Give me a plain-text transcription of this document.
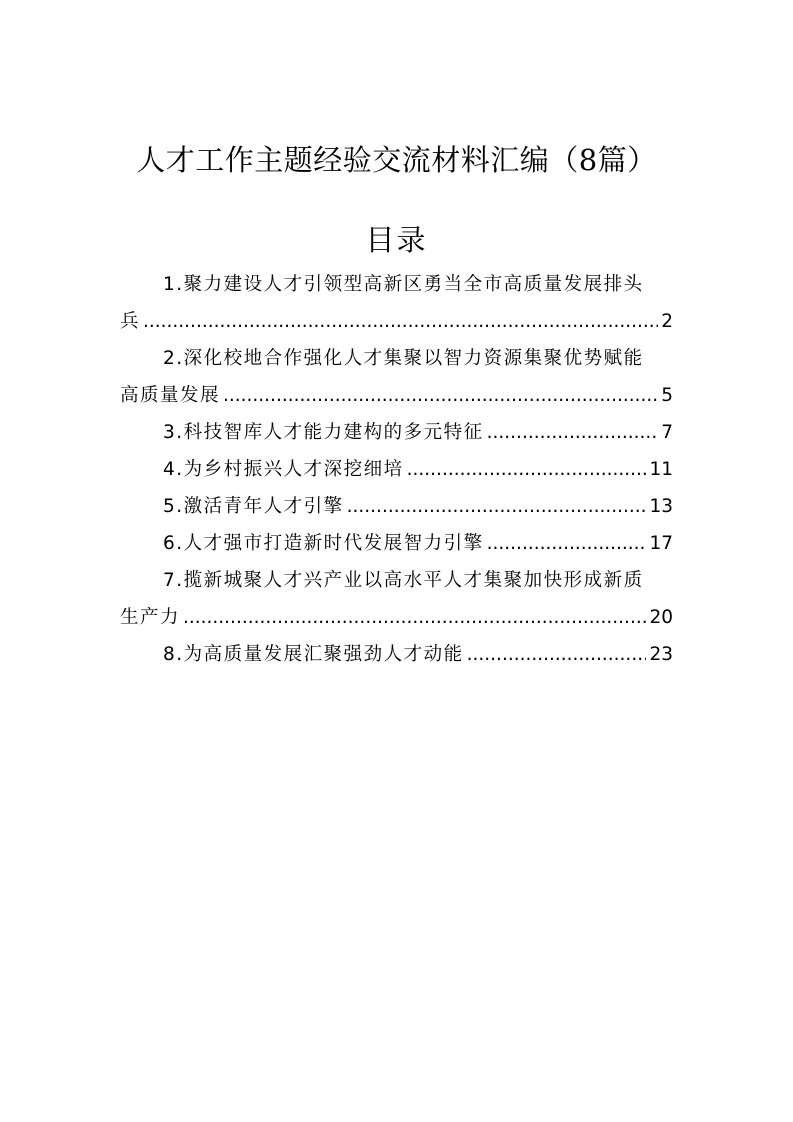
人才工作主题经验交流材料汇编（8篇）
目录
1.聚力建设人才引领型高新区勇当全市高质量发展排头
兵 .....	2
2.深化校地合作强化人才集聚以智力资源集聚优势赋能
高质量发展 .....	5
3.科技智库人才能力建构的多元特征 .....	7
4.为乡村振兴人才深挖细培 .....	11
5.激活青年人才引擎 .....	13
6.人才强市打造新时代发展智力引擎 .....	17
7.揽新城聚人才兴产业以高水平人才集聚加快形成新质
生产力 .....	20
8.为高质量发展汇聚强劲人才动能 .....	23
